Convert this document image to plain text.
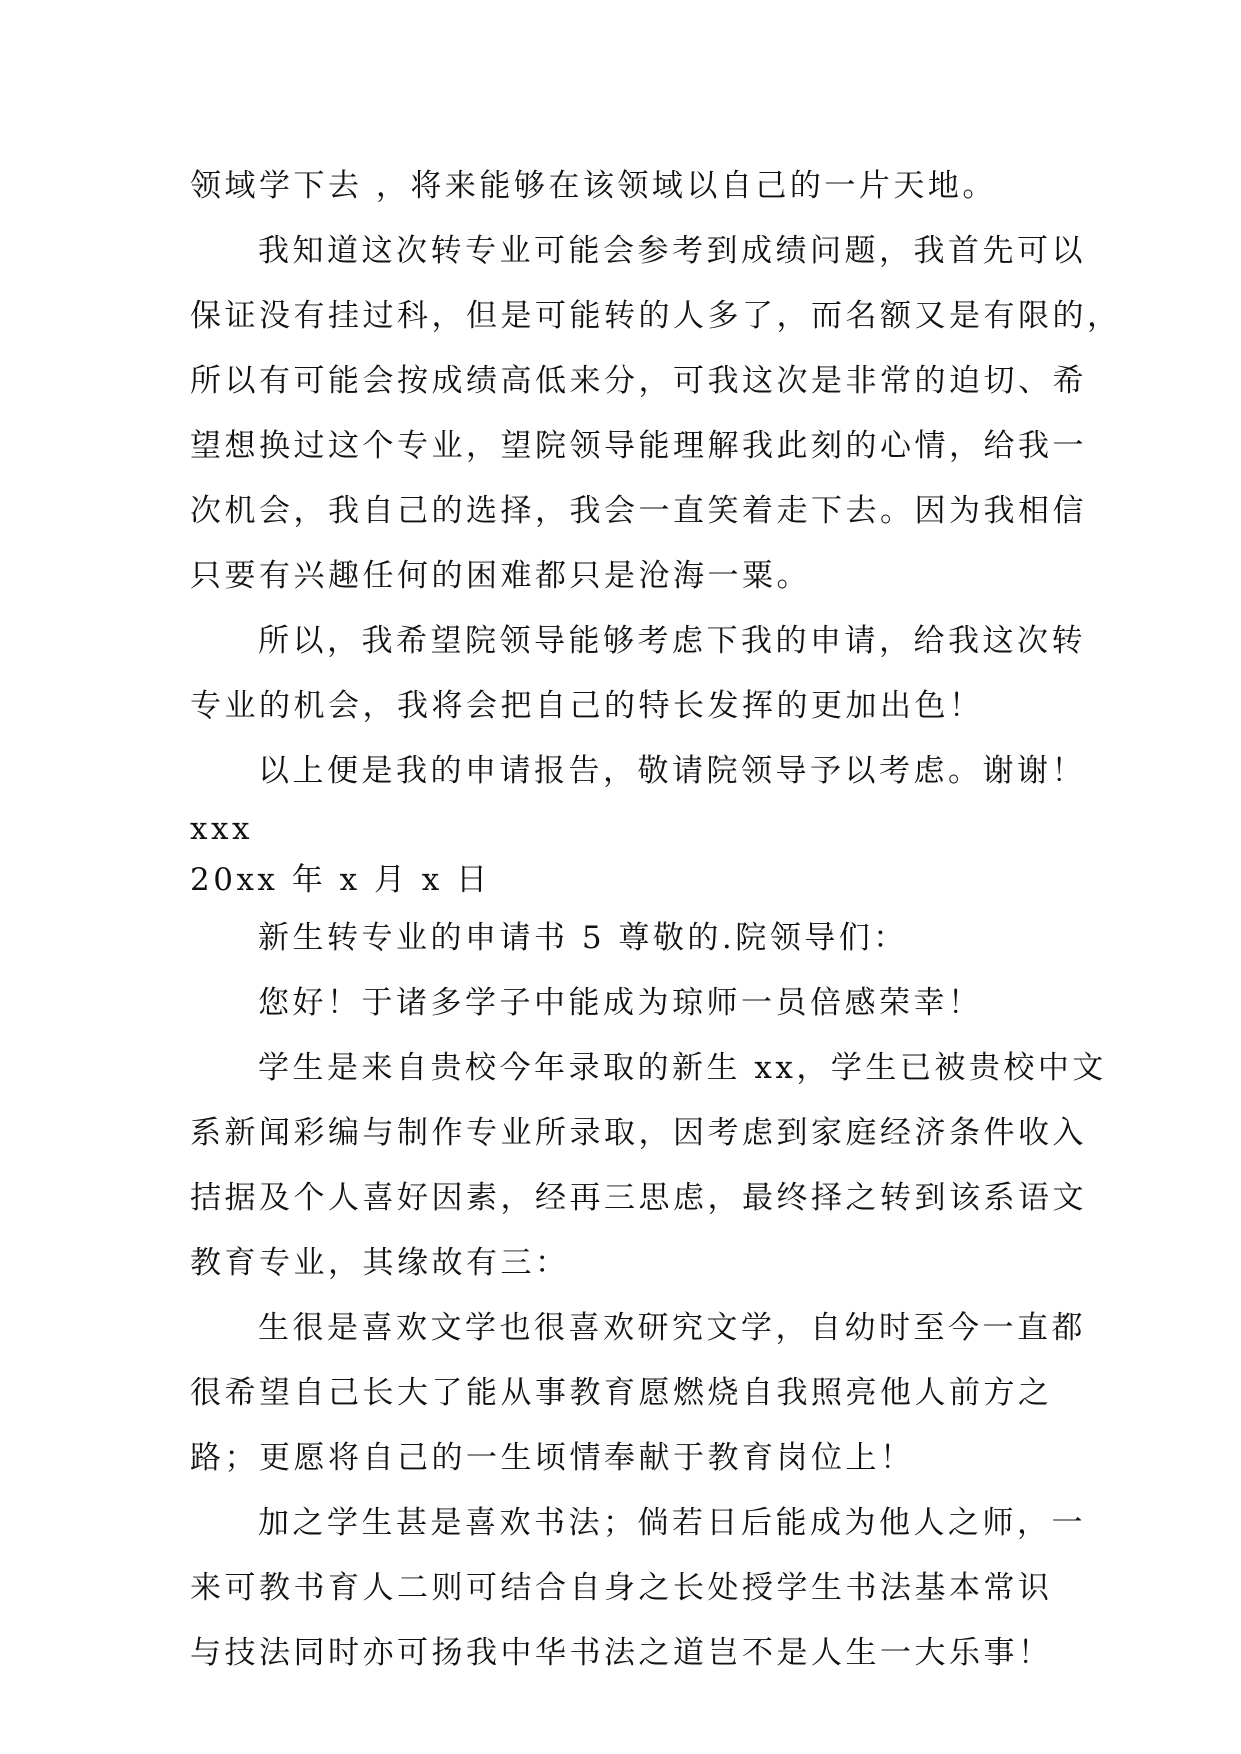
领域学下去 ，将来能够在该领域以自己的一片天地。
我知道这次转专业可能会参考到成绩问题，我首先可以
保证没有挂过科，但是可能转的人多了，而名额又是有限的，
所以有可能会按成绩高低来分，可我这次是非常的迫切、希
望想换过这个专业，望院领导能理解我此刻的心情，给我一
次机会，我自己的选择，我会一直笑着走下去。因为我相信
只要有兴趣任何的困难都只是沧海一粟。
所以，我希望院领导能够考虑下我的申请，给我这次转
专业的机会，我将会把自己的特长发挥的更加出色！
以上便是我的申请报告，敬请院领导予以考虑。谢谢！
xxx
20xx 年 x 月 x 日
新生转专业的申请书 5 尊敬的.院领导们：
您好！于诸多学子中能成为琼师一员倍感荣幸！
学生是来自贵校今年录取的新生 xx，学生已被贵校中文
系新闻彩编与制作专业所录取，因考虑到家庭经济条件收入
拮据及个人喜好因素，经再三思虑，最终择之转到该系语文
教育专业，其缘故有三：
生很是喜欢文学也很喜欢研究文学，自幼时至今一直都
很希望自己长大了能从事教育愿燃烧自我照亮他人前方之
路；更愿将自己的一生顷情奉献于教育岗位上！
加之学生甚是喜欢书法；倘若日后能成为他人之师，一
来可教书育人二则可结合自身之长处授学生书法基本常识
与技法同时亦可扬我中华书法之道岂不是人生一大乐事！
